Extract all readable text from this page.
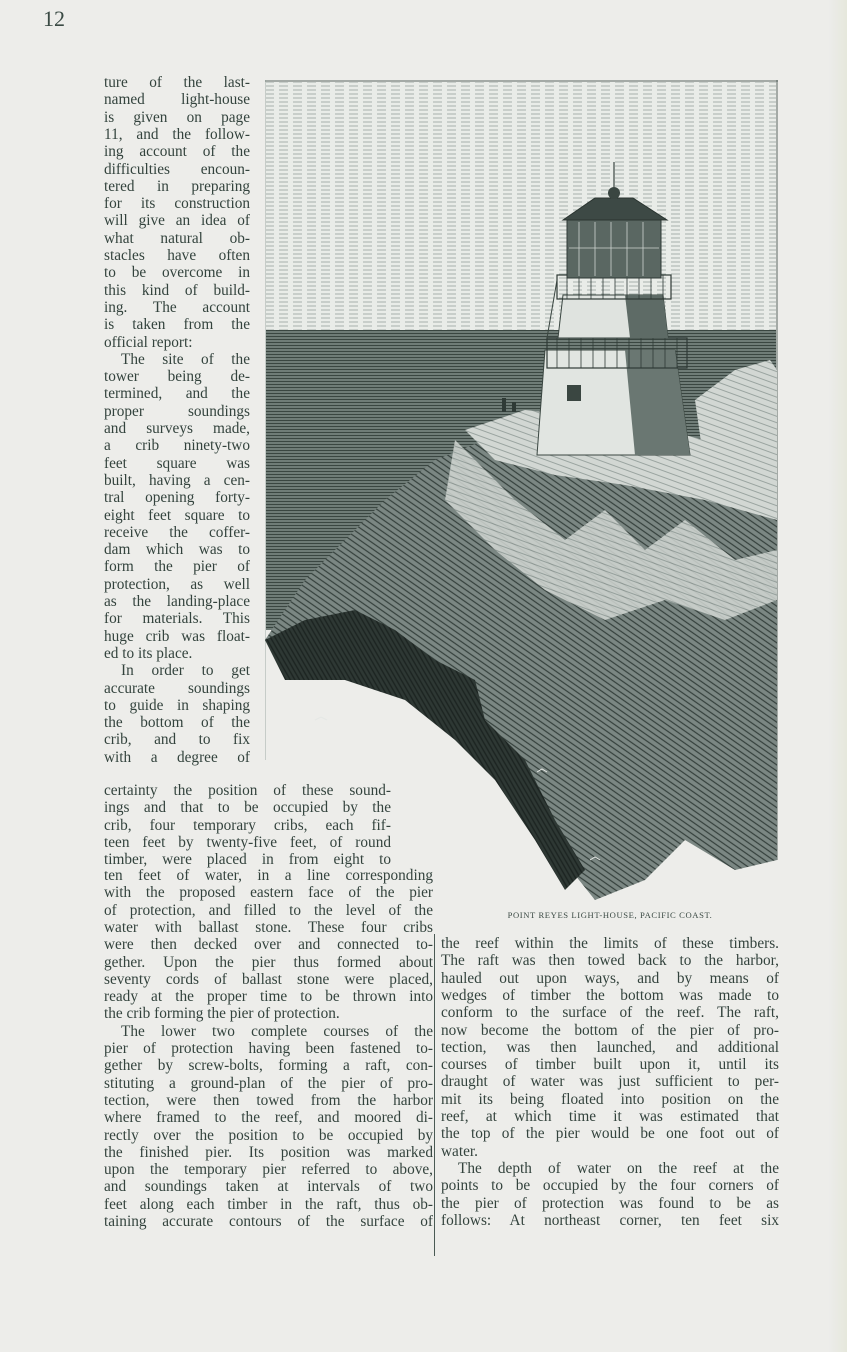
12
ture of the last-
named light-house
is given on page
11, and the follow-
ing account of the
difficulties encoun-
tered in preparing
for its construction
will give an idea of
what natural ob-
stacles have often
to be overcome in
this kind of build-
ing. The account
is taken from the
official report:
The site of the
tower being de-
termined, and the
proper soundings
and surveys made,
a crib ninety-two
feet square was
built, having a cen-
tral opening forty-
eight feet square to
receive the coffer-
dam which was to
form the pier of
protection, as well
as the landing-place
for materials. This
huge crib was float-
ed to its place.
In order to get
accurate soundings
to guide in shaping
the bottom of the
crib, and to fix
with a degree of
certainty the position of these sound-
ings and that to be occupied by the
crib, four temporary cribs, each fif-
teen feet by twenty-five feet, of round
timber, were placed in from eight to
ten feet of water, in a line corresponding
with the proposed eastern face of the pier
of protection, and filled to the level of the
water with ballast stone. These four cribs
were then decked over and connected to-
gether. Upon the pier thus formed about
seventy cords of ballast stone were placed,
ready at the proper time to be thrown into
the crib forming the pier of protection.
The lower two complete courses of the
pier of protection having been fastened to-
gether by screw-bolts, forming a raft, con-
stituting a ground-plan of the pier of pro-
tection, were then towed from the harbor
where framed to the reef, and moored di-
rectly over the position to be occupied by
the finished pier. Its position was marked
upon the temporary pier referred to above,
and soundings taken at intervals of two
feet along each timber in the raft, thus ob-
taining accurate contours of the surface of
the reef within the limits of these timbers.
The raft was then towed back to the harbor,
hauled out upon ways, and by means of
wedges of timber the bottom was made to
conform to the surface of the reef. The raft,
now become the bottom of the pier of pro-
tection, was then launched, and additional
courses of timber built upon it, until its
draught of water was just sufficient to per-
mit its being floated into position on the
reef, at which time it was estimated that
the top of the pier would be one foot out of
water.
The depth of water on the reef at the
points to be occupied by the four corners of
the pier of protection was found to be as
follows: At northeast corner, ten feet six
POINT REYES LIGHT-HOUSE, PACIFIC COAST.
